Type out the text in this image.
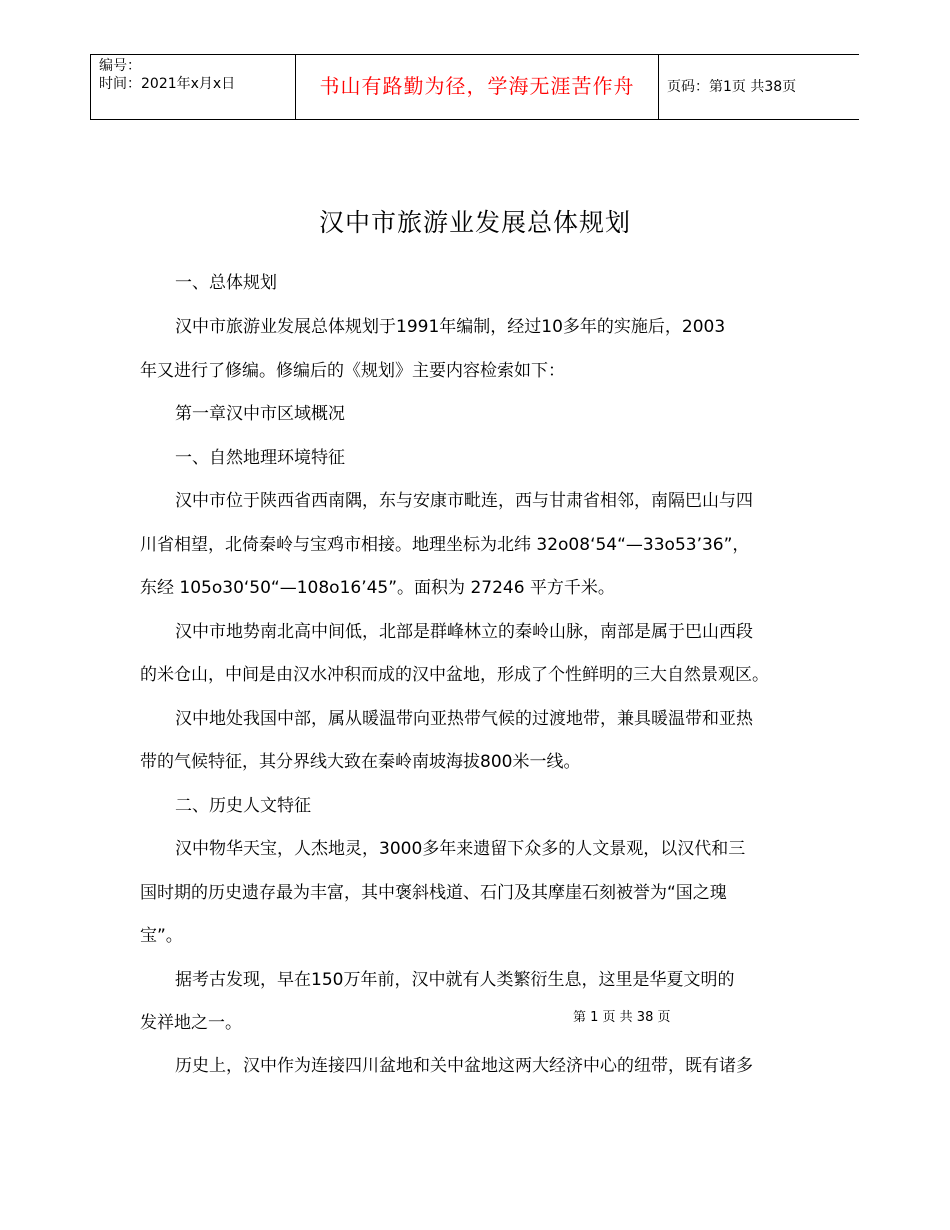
编号：
时间：2021年x月x日	书山有路勤为径，学海无涯苦作舟	页码：第1页 共38页
汉中市旅游业发展总体规划
一、总体规划
汉中市旅游业发展总体规划于1991年编制，经过10多年的实施后，2003
年又进行了修编。修编后的《规划》主要内容检索如下：
第一章汉中市区域概况
一、自然地理环境特征
汉中市位于陕西省西南隅，东与安康市毗连，西与甘肃省相邻，南隔巴山与四
川省相望，北倚秦岭与宝鸡市相接。地理坐标为北纬 32o08‘54“—33o53’36”，
东经 105o30‘50“—108o16’45”。面积为 27246 平方千米。
汉中市地势南北高中间低，北部是群峰林立的秦岭山脉，南部是属于巴山西段
的米仓山，中间是由汉水冲积而成的汉中盆地，形成了个性鲜明的三大自然景观区。
汉中地处我国中部，属从暖温带向亚热带气候的过渡地带，兼具暖温带和亚热
带的气候特征，其分界线大致在秦岭南坡海拔800米一线。
二、历史人文特征
汉中物华天宝，人杰地灵，3000多年来遗留下众多的人文景观，以汉代和三
国时期的历史遗存最为丰富，其中褒斜栈道、石门及其摩崖石刻被誉为“国之瑰
宝”。
据考古发现，早在150万年前，汉中就有人类繁衍生息，这里是华夏文明的
发祥地之一。
历史上，汉中作为连接四川盆地和关中盆地这两大经济中心的纽带，既有诸多
第 1 页 共 38 页
